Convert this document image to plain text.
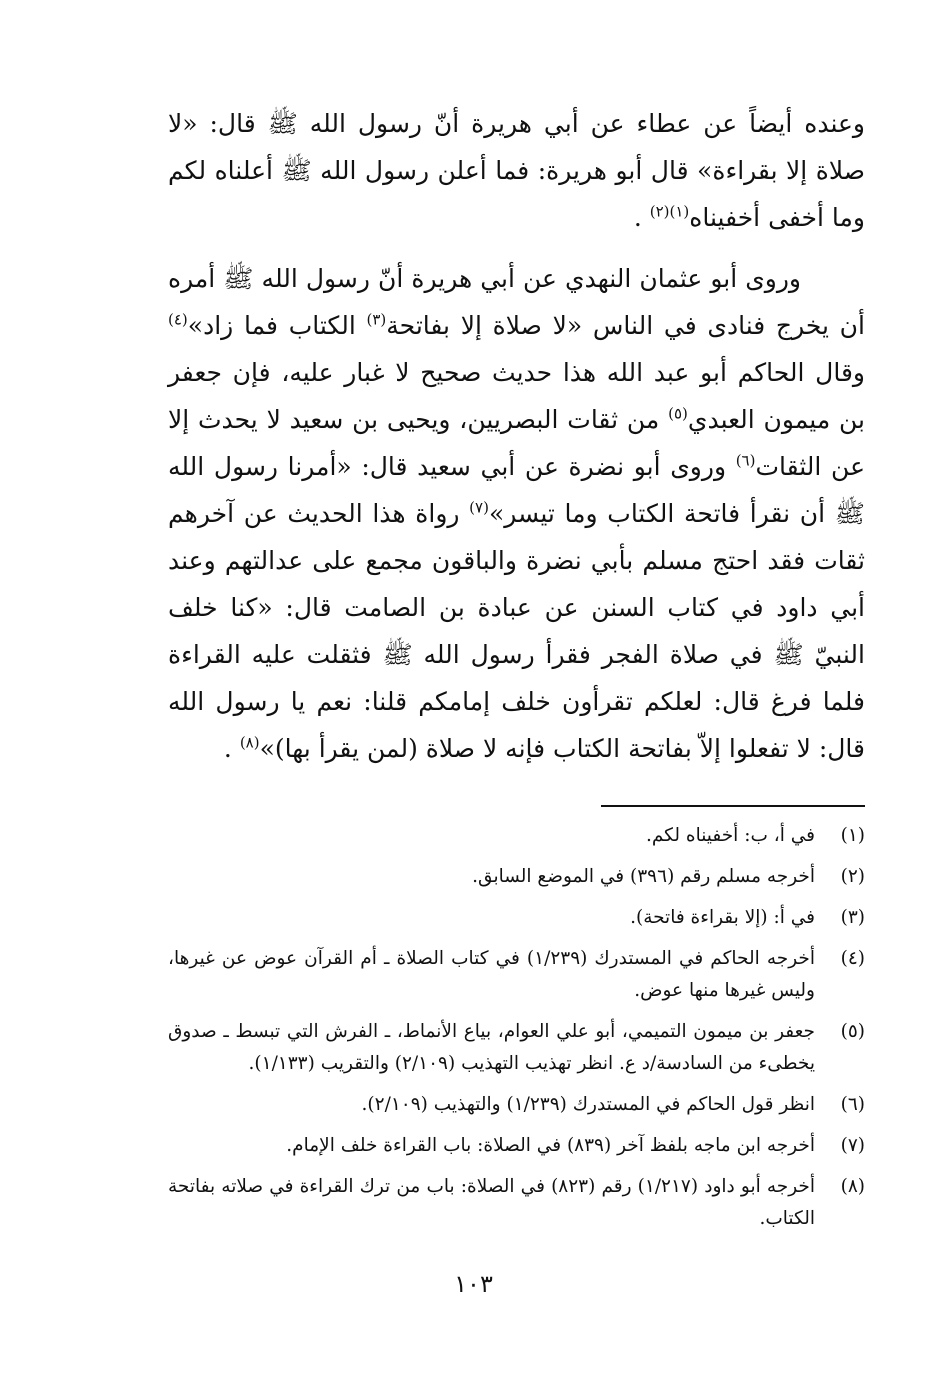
وعنده أيضاً عن عطاء عن أبي هريرة أنّ رسول الله ﷺ قال: «لا صلاة إلا بقراءة» قال أبو هريرة: فما أعلن رسول الله ﷺ أعلناه لكم وما أخفى أخفيناه$^{(١)(٢)}$ .

وروى أبو عثمان النهدي عن أبي هريرة أنّ رسول الله ﷺ أمره أن يخرج فنادى في الناس «لا صلاة إلا بفاتحة$^{(٣)}$ الكتاب فما زاد»$^{(٤)}$ وقال الحاكم أبو عبد الله هذا حديث صحيح لا غبار عليه، فإن جعفر بن ميمون العبدي$^{(٥)}$ من ثقات البصريين، ويحيى بن سعيد لا يحدث إلا عن الثقات$^{(٦)}$ وروى أبو نضرة عن أبي سعيد قال: «أمرنا رسول الله ﷺ أن نقرأ فاتحة الكتاب وما تيسر»$^{(٧)}$ رواة هذا الحديث عن آخرهم ثقات فقد احتج مسلم بأبي نضرة والباقون مجمع على عدالتهم وعند أبي داود في كتاب السنن عن عبادة بن الصامت قال: «كنا خلف النبيّ ﷺ في صلاة الفجر فقرأ رسول الله ﷺ فثقلت عليه القراءة فلما فرغ قال: لعلكم تقرأون خلف إمامكم قلنا: نعم يا رسول الله قال: لا تفعلوا إلاّ بفاتحة الكتاب فإنه لا صلاة (لمن يقرأ بها)»$^{(٨)}$ .

(١)
في أ، ب: أخفيناه لكم.
(٢)
أخرجه مسلم رقم (٣٩٦) في الموضع السابق.
(٣)
في أ: (إلا بقراءة فاتحة).
(٤)
أخرجه الحاكم في المستدرك (١/٢٣٩) في كتاب الصلاة ـ أم القرآن عوض عن غيرها، وليس غيرها منها عوض.
(٥)
جعفر بن ميمون التميمي، أبو علي العوام، بياع الأنماط، ـ الفرش التي تبسط ـ صدوق يخطىء من السادسة/د ع. انظر تهذيب التهذيب (٢/١٠٩) والتقريب (١/١٣٣).
(٦)
انظر قول الحاكم في المستدرك (١/٢٣٩) والتهذيب (٢/١٠٩).
(٧)
أخرجه ابن ماجه بلفظ آخر (٨٣٩) في الصلاة: باب القراءة خلف الإمام.
(٨)
أخرجه أبو داود (١/٢١٧) رقم (٨٢٣) في الصلاة: باب من ترك القراءة في صلاته بفاتحة الكتاب.
١٠٣
